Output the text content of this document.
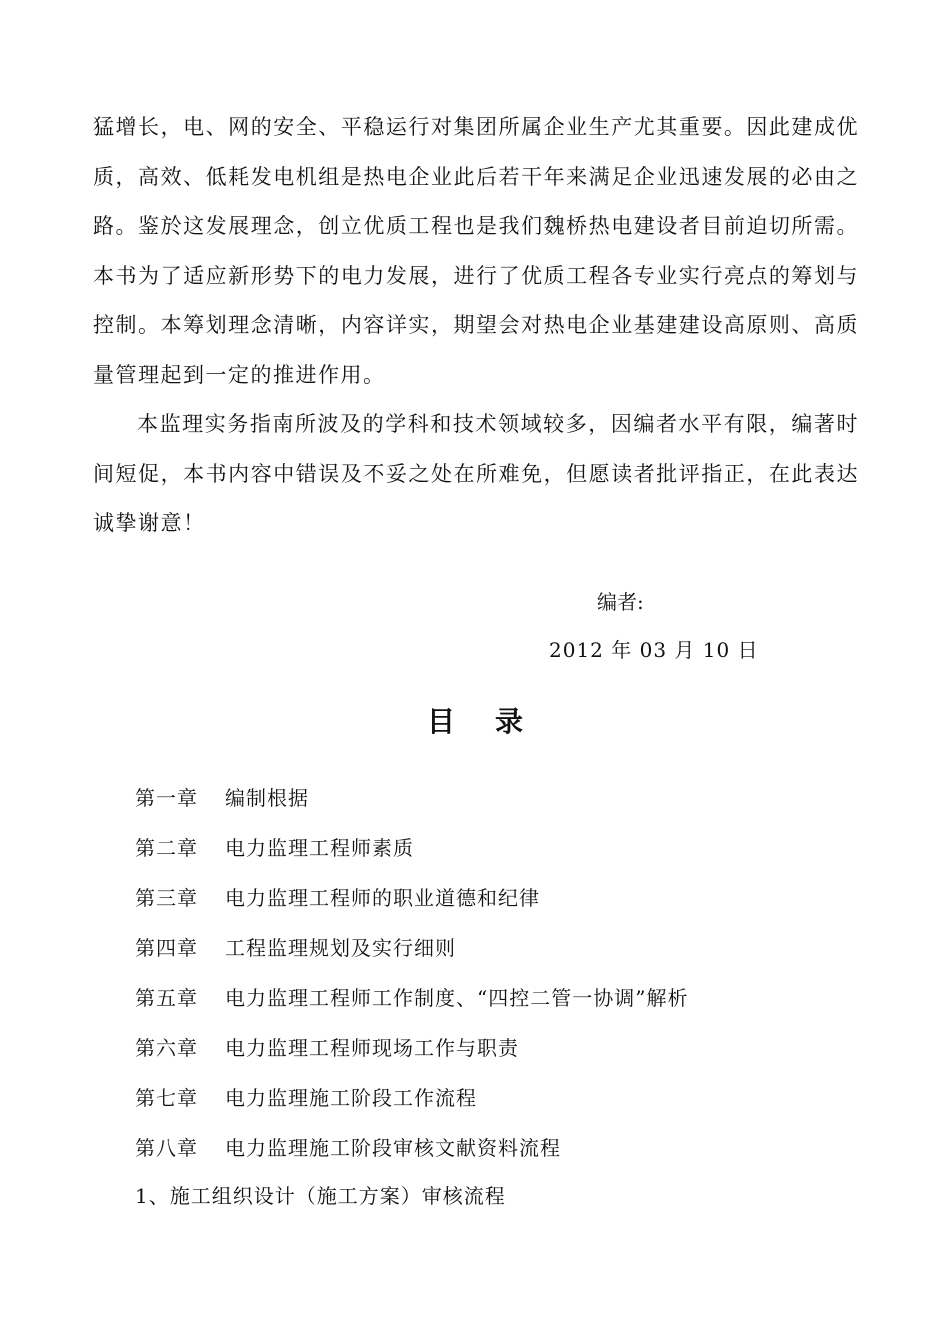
猛增长，电、网的安全、平稳运行对集团所属企业生产尤其重要。因此建成优质，高效、低耗发电机组是热电企业此后若干年来满足企业迅速发展的必由之路。鉴於这发展理念，创立优质工程也是我们魏桥热电建设者目前迫切所需。本书为了适应新形势下的电力发展，进行了优质工程各专业实行亮点的筹划与控制。本筹划理念清晰，内容详实，期望会对热电企业基建建设高原则、高质量管理起到一定的推进作用。

本监理实务指南所波及的学科和技术领域较多，因编者水平有限，编著时间短促，本书内容中错误及不妥之处在所难免，但愿读者批评指正，在此表达诚挚谢意！

编者:

2012 年 03 月 10 日

目录
第一章 编制根据
第二章 电力监理工程师素质
第三章 电力监理工程师的职业道德和纪律
第四章 工程监理规划及实行细则
第五章 电力监理工程师工作制度、“四控二管一协调”解析
第六章 电力监理工程师现场工作与职责
第七章 电力监理施工阶段工作流程
第八章 电力监理施工阶段审核文献资料流程

1、施工组织设计（施工方案）审核流程
